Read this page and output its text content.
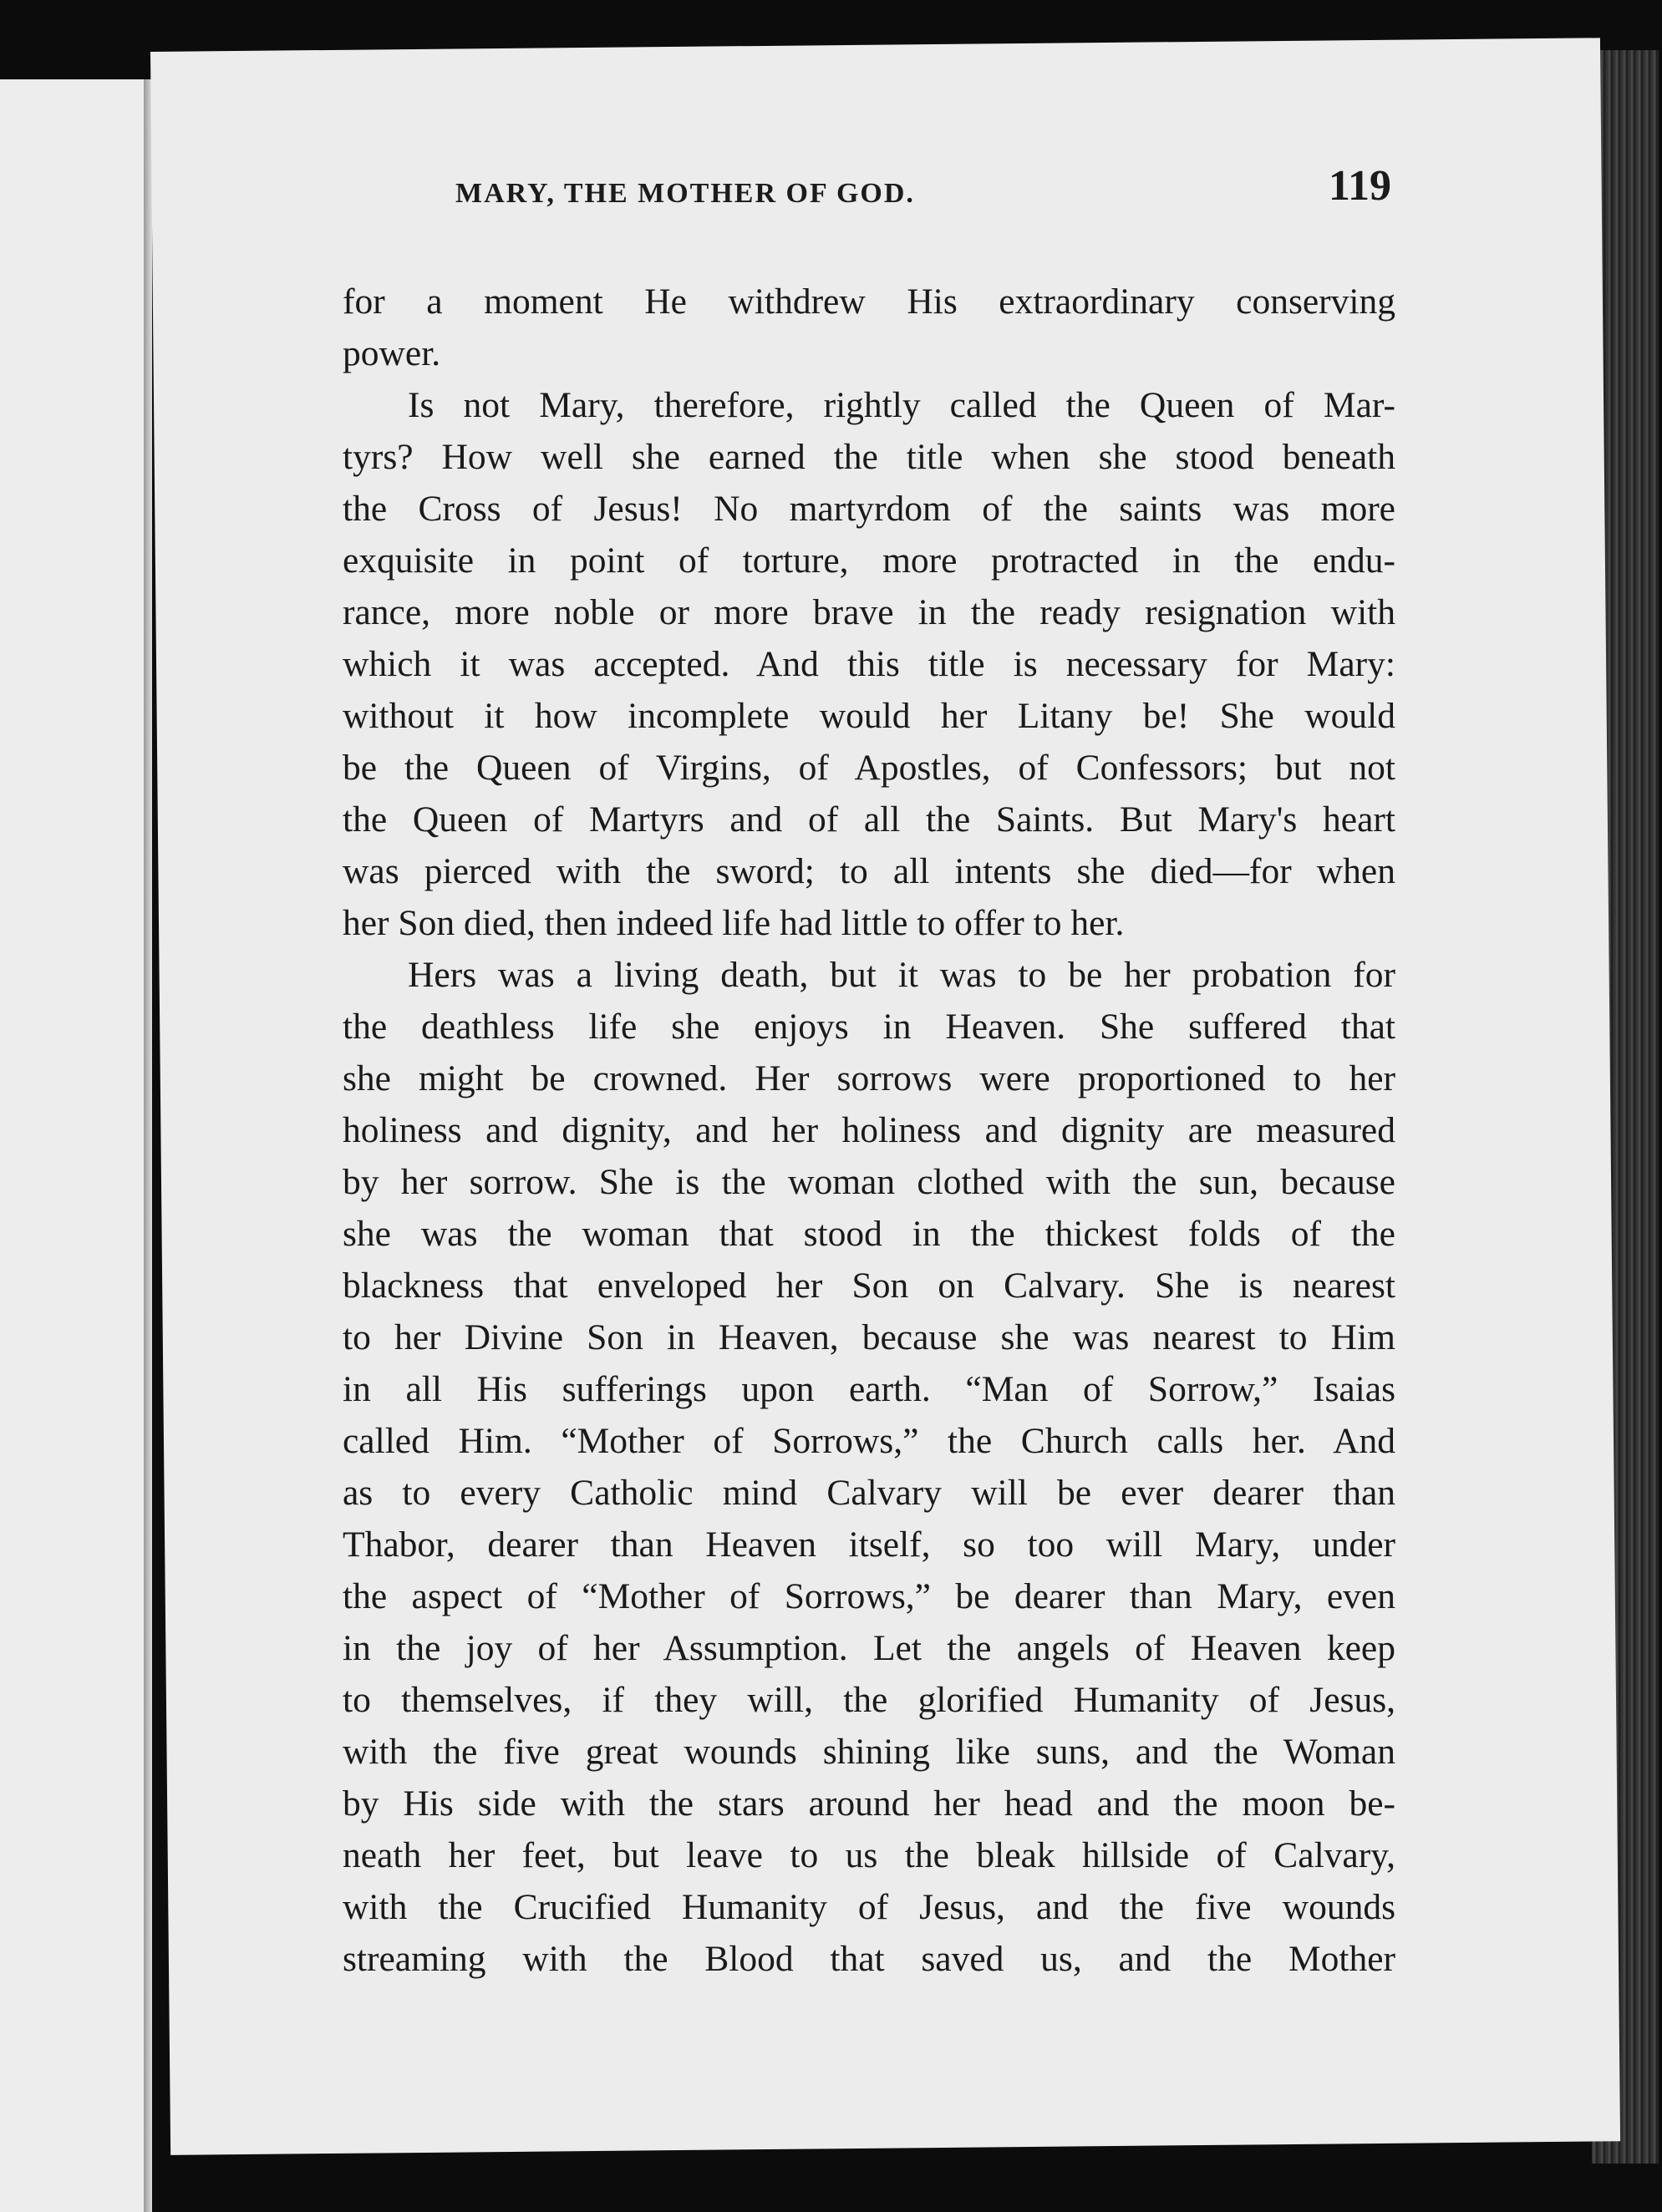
MARY, THE MOTHER OF GOD.	119
for a moment He withdrew His extraordinary conserving
power.
Is not Mary, therefore, rightly called the Queen of Mar-
tyrs? How well she earned the title when she stood beneath
the Cross of Jesus! No martyrdom of the saints was more
exquisite in point of torture, more protracted in the endu-
rance, more noble or more brave in the ready resignation with
which it was accepted. And this title is necessary for Mary:
without it how incomplete would her Litany be! She would
be the Queen of Virgins, of Apostles, of Confessors; but not
the Queen of Martyrs and of all the Saints. But Mary's heart
was pierced with the sword; to all intents she died—for when
her Son died, then indeed life had little to offer to her.
Hers was a living death, but it was to be her probation for
the deathless life she enjoys in Heaven. She suffered that
she might be crowned. Her sorrows were proportioned to her
holiness and dignity, and her holiness and dignity are measured
by her sorrow. She is the woman clothed with the sun, because
she was the woman that stood in the thickest folds of the
blackness that enveloped her Son on Calvary. She is nearest
to her Divine Son in Heaven, because she was nearest to Him
in all His sufferings upon earth. “Man of Sorrow,” Isaias
called Him. “Mother of Sorrows,” the Church calls her. And
as to every Catholic mind Calvary will be ever dearer than
Thabor, dearer than Heaven itself, so too will Mary, under
the aspect of “Mother of Sorrows,” be dearer than Mary, even
in the joy of her Assumption. Let the angels of Heaven keep
to themselves, if they will, the glorified Humanity of Jesus,
with the five great wounds shining like suns, and the Woman
by His side with the stars around her head and the moon be-
neath her feet, but leave to us the bleak hillside of Calvary,
with the Crucified Humanity of Jesus, and the five wounds
streaming with the Blood that saved us, and the Mother
